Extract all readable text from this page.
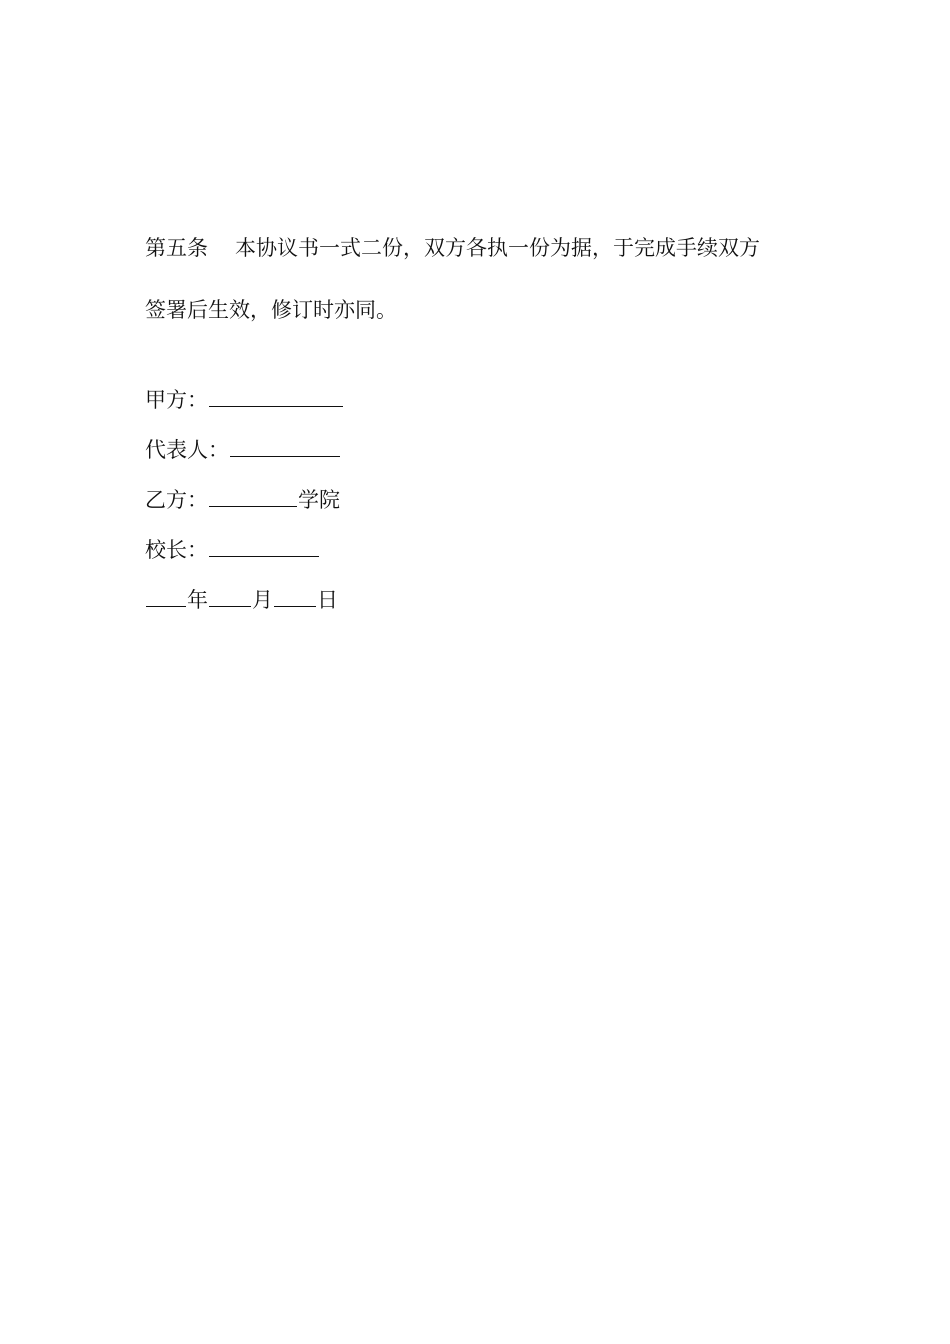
第五条 本协议书一式二份，双方各执一份为据，于完成手续双方
签署后生效，修订时亦同。
甲方：
代表人：
乙方：	学院
校长：
年 月 日
